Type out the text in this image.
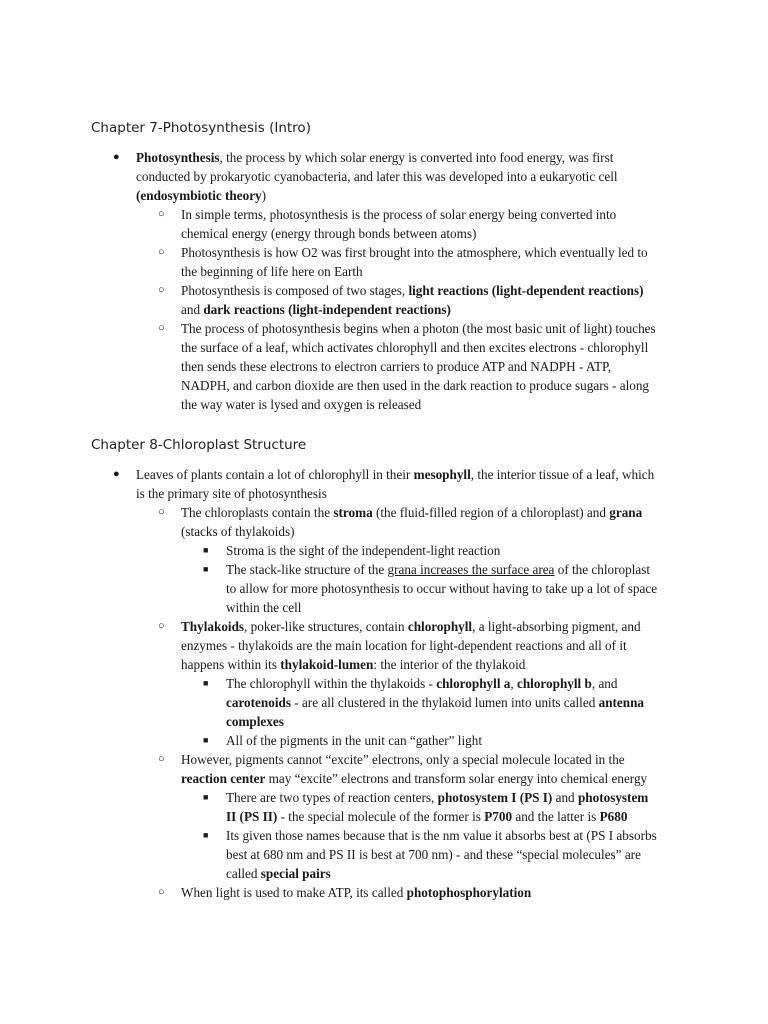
Chapter 7-Photosynthesis (Intro)
● Photosynthesis, the process by which solar energy is converted into food energy, was first
conducted by prokaryotic cyanobacteria, and later this was developed into a eukaryotic cell
(endosymbiotic theory)
○ In simple terms, photosynthesis is the process of solar energy being converted into
chemical energy (energy through bonds between atoms)
○ Photosynthesis is how O2 was first brought into the atmosphere, which eventually led to
the beginning of life here on Earth
○ Photosynthesis is composed of two stages, light reactions (light-dependent reactions)
and dark reactions (light-independent reactions)
○ The process of photosynthesis begins when a photon (the most basic unit of light) touches
the surface of a leaf, which activates chlorophyll and then excites electrons - chlorophyll
then sends these electrons to electron carriers to produce ATP and NADPH - ATP,
NADPH, and carbon dioxide are then used in the dark reaction to produce sugars - along
the way water is lysed and oxygen is released
Chapter 8-Chloroplast Structure
● Leaves of plants contain a lot of chlorophyll in their mesophyll, the interior tissue of a leaf, which
is the primary site of photosynthesis
○ The chloroplasts contain the stroma (the fluid-filled region of a chloroplast) and grana
(stacks of thylakoids)
■ Stroma is the sight of the independent-light reaction
■ The stack-like structure of the grana increases the surface area of the chloroplast
to allow for more photosynthesis to occur without having to take up a lot of space
within the cell
○ Thylakoids, poker-like structures, contain chlorophyll, a light-absorbing pigment, and
enzymes - thylakoids are the main location for light-dependent reactions and all of it
happens within its thylakoid-lumen: the interior of the thylakoid
■ The chlorophyll within the thylakoids - chlorophyll a, chlorophyll b, and
carotenoids - are all clustered in the thylakoid lumen into units called antenna
complexes
■ All of the pigments in the unit can “gather” light
○ However, pigments cannot “excite” electrons, only a special molecule located in the
reaction center may “excite” electrons and transform solar energy into chemical energy
■ There are two types of reaction centers, photosystem I (PS I) and photosystem
II (PS II) - the special molecule of the former is P700 and the latter is P680
■ Its given those names because that is the nm value it absorbs best at (PS I absorbs
best at 680 nm and PS II is best at 700 nm) - and these “special molecules” are
called special pairs
○ When light is used to make ATP, its called photophosphorylation
